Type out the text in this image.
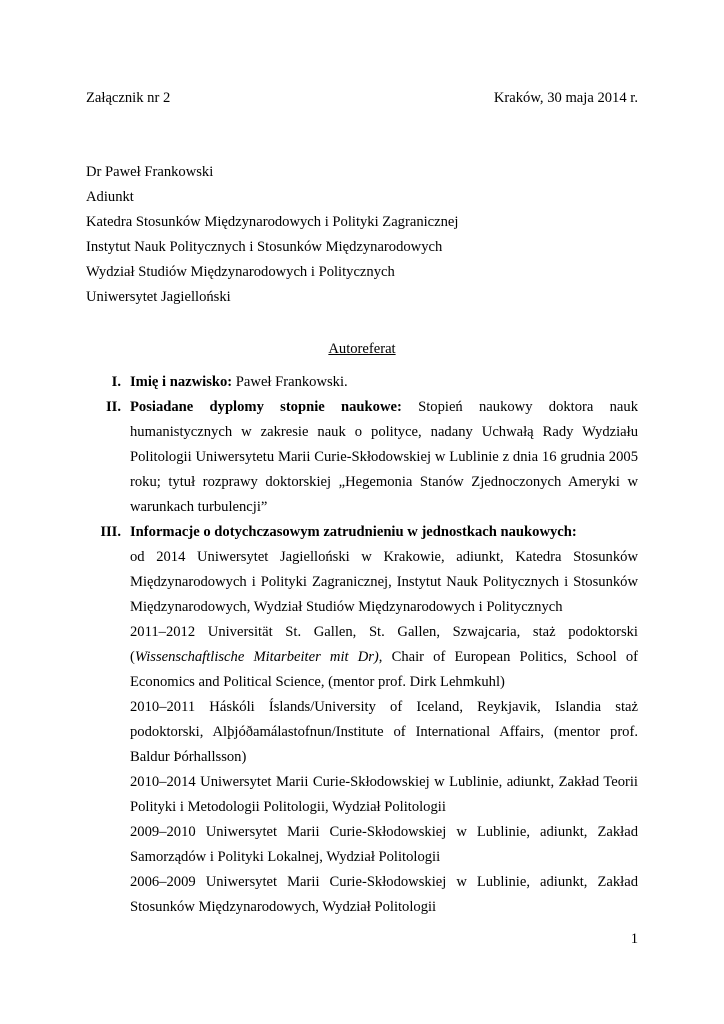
Załącznik nr 2	Kraków, 30 maja 2014 r.
Dr Paweł Frankowski
Adiunkt
Katedra Stosunków Międzynarodowych i Polityki Zagranicznej
Instytut Nauk Politycznych i Stosunków Międzynarodowych
Wydział Studiów Międzynarodowych i Politycznych
Uniwersytet Jagielloński
Autoreferat
I. Imię i nazwisko: Paweł Frankowski.
II. Posiadane dyplomy stopnie naukowe: Stopień naukowy doktora nauk humanistycznych w zakresie nauk o polityce, nadany Uchwałą Rady Wydziału Politologii Uniwersytetu Marii Curie-Skłodowskiej w Lublinie z dnia 16 grudnia 2005 roku; tytuł rozprawy doktorskiej „Hegemonia Stanów Zjednoczonych Ameryki w warunkach turbulencji”
III. Informacje o dotychczasowym zatrudnieniu w jednostkach naukowych:
od 2014 Uniwersytet Jagielloński w Krakowie, adiunkt, Katedra Stosunków Międzynarodowych i Polityki Zagranicznej, Instytut Nauk Politycznych i Stosunków Międzynarodowych, Wydział Studiów Międzynarodowych i Politycznych
2011–2012 Universität St. Gallen, St. Gallen, Szwajcaria, staż podoktorski (Wissenschaftlische Mitarbeiter mit Dr), Chair of European Politics, School of Economics and Political Science, (mentor prof. Dirk Lehmkuhl)
2010–2011 Háskóli Íslands/University of Iceland, Reykjavik, Islandia staż podoktorski, Alþjóðamálastofnun/Institute of International Affairs, (mentor prof. Baldur Þórhallsson)
2010–2014 Uniwersytet Marii Curie-Skłodowskiej w Lublinie, adiunkt, Zakład Teorii Polityki i Metodologii Politologii, Wydział Politologii
2009–2010 Uniwersytet Marii Curie-Skłodowskiej w Lublinie, adiunkt, Zakład Samorządów i Polityki Lokalnej, Wydział Politologii
2006–2009 Uniwersytet Marii Curie-Skłodowskiej w Lublinie, adiunkt, Zakład Stosunków Międzynarodowych, Wydział Politologii
1
